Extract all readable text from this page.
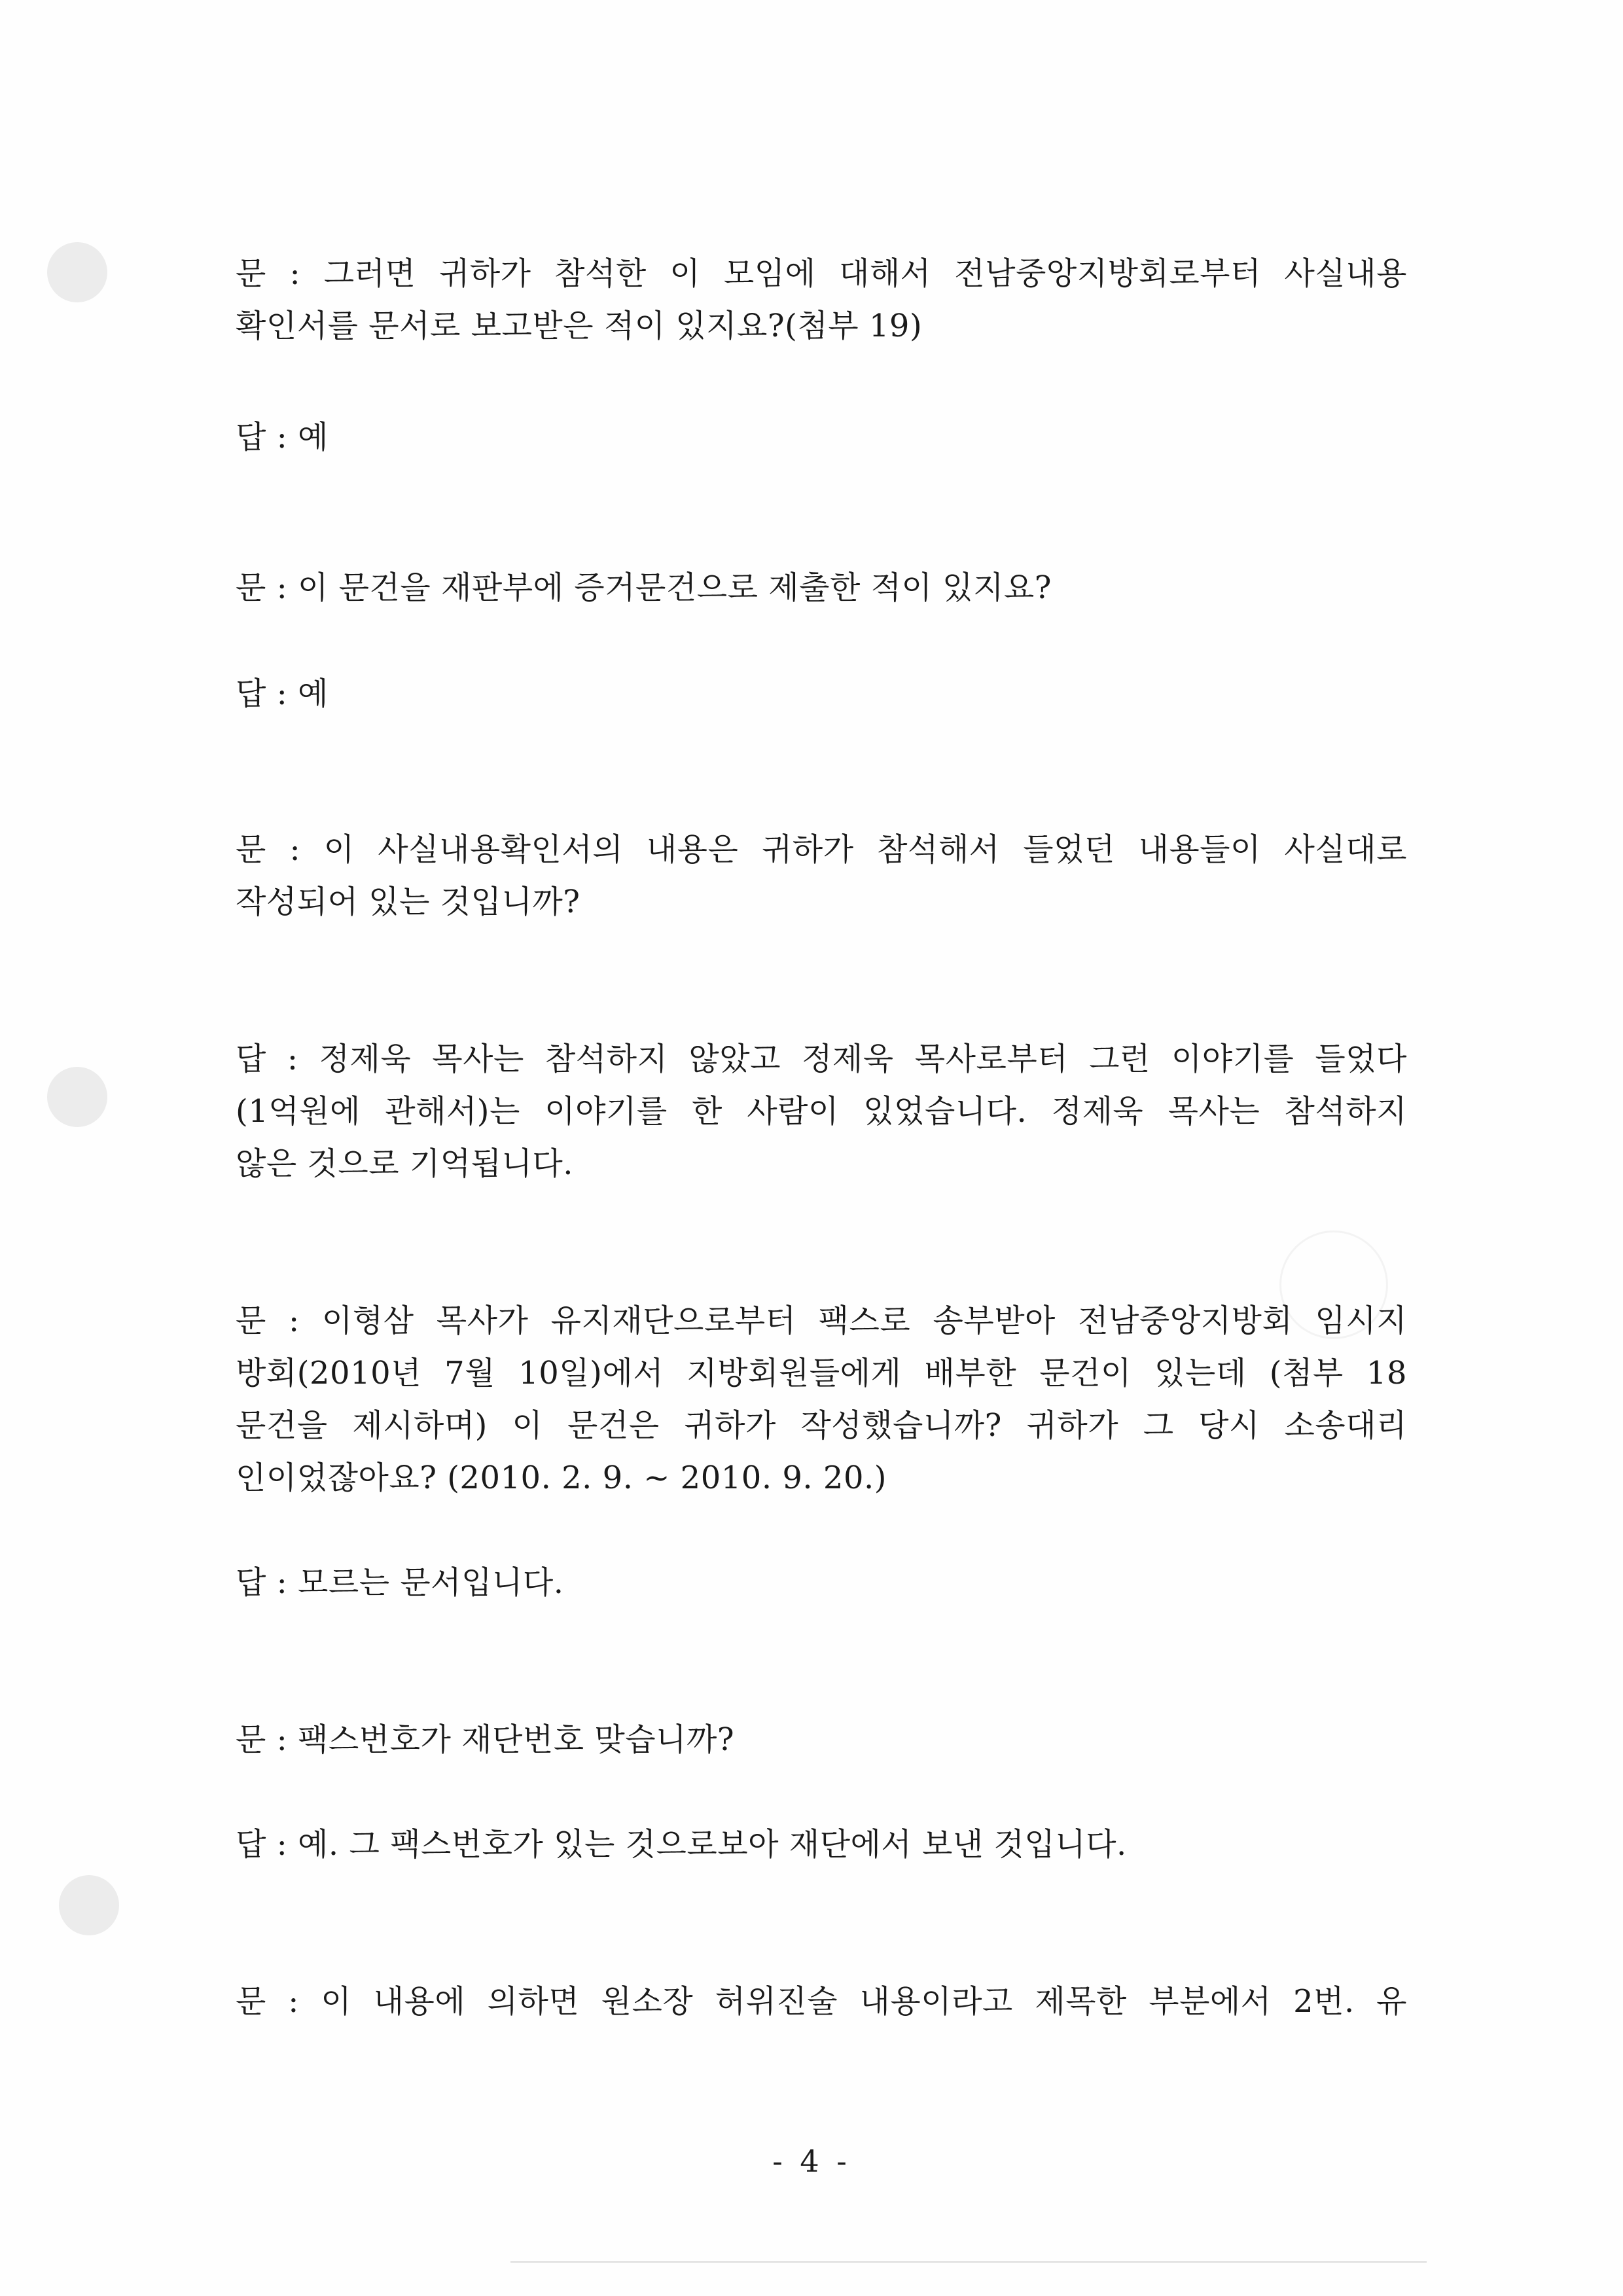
문 : 그러면 귀하가 참석한 이 모임에 대해서 전남중앙지방회로부터 사실내용
확인서를 문서로 보고받은 적이 있지요?(첨부 19)
답 : 예
문 : 이 문건을 재판부에 증거문건으로 제출한 적이 있지요?
답 : 예
문 : 이 사실내용확인서의 내용은 귀하가 참석해서 들었던 내용들이 사실대로
작성되어 있는 것입니까?
답 : 정제욱 목사는 참석하지 않았고 정제욱 목사로부터 그런 이야기를 들었다
(1억원에 관해서)는 이야기를 한 사람이 있었습니다. 정제욱 목사는 참석하지
않은 것으로 기억됩니다.
문 : 이형삼 목사가 유지재단으로부터 팩스로 송부받아 전남중앙지방회 임시지
방회(2010년 7월 10일)에서 지방회원들에게 배부한 문건이 있는데 (첨부 18
문건을 제시하며) 이 문건은 귀하가 작성했습니까? 귀하가 그 당시 소송대리
인이었잖아요? (2010. 2. 9. ~ 2010. 9. 20.)
답 : 모르는 문서입니다.
문 : 팩스번호가 재단번호 맞습니까?
답 : 예. 그 팩스번호가 있는 것으로보아 재단에서 보낸 것입니다.
문 : 이 내용에 의하면 원소장 허위진술 내용이라고 제목한 부분에서 2번. 유
- 4 -
